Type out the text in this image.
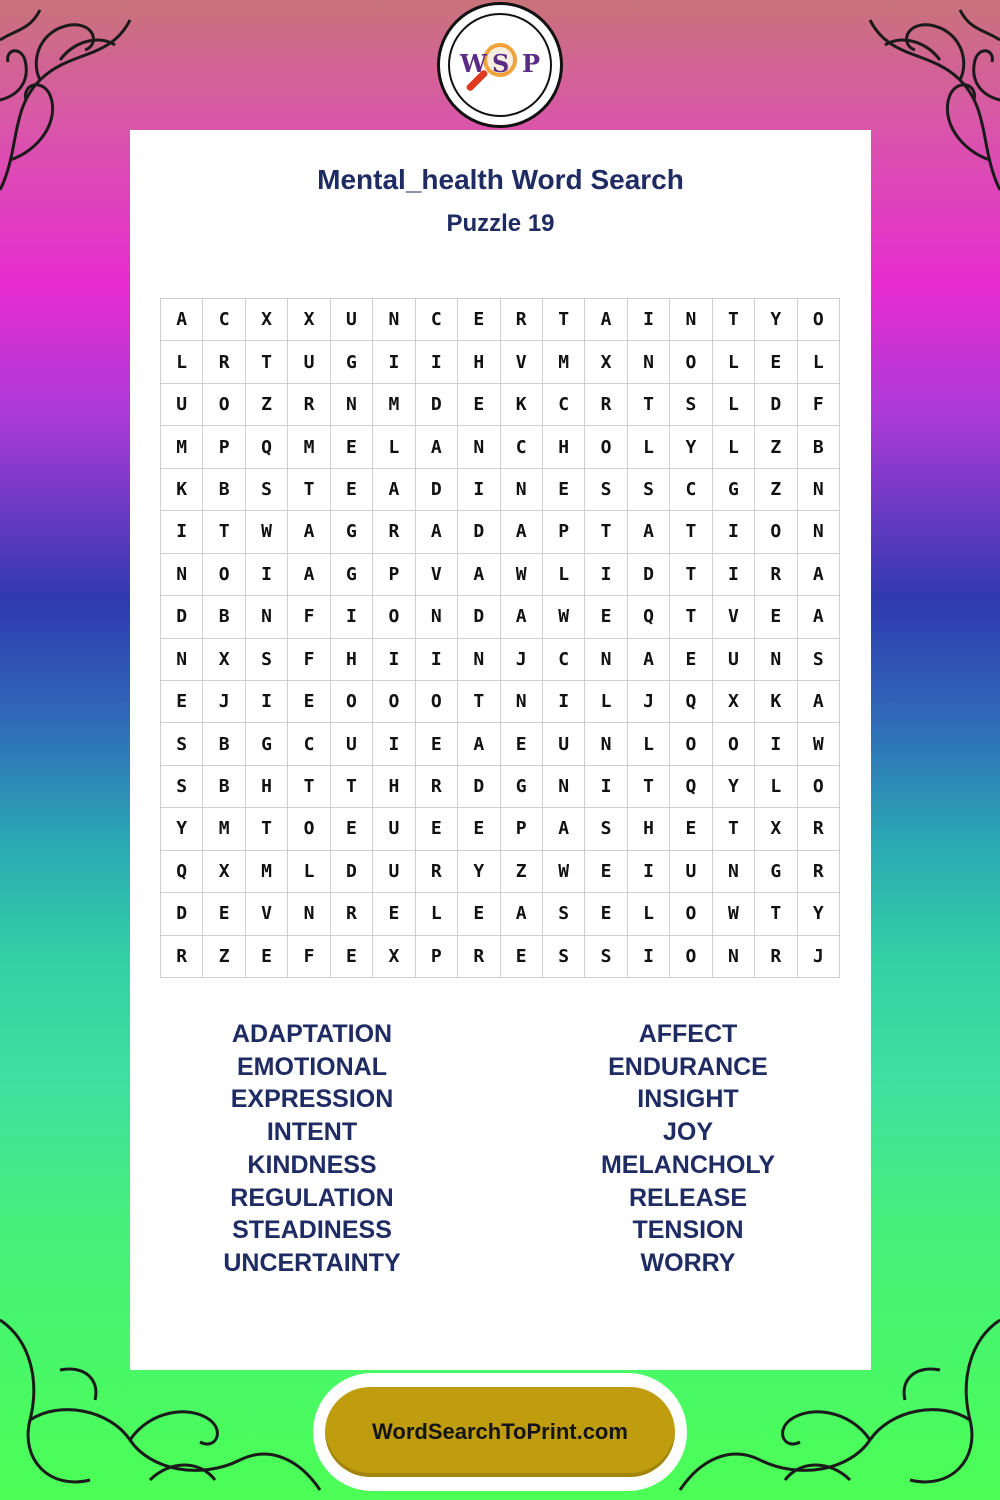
W S P
Mental_health Word Search
Puzzle 19
A	C	X	X	U	N	C	E	R	T	A	I	N	T	Y	O
L	R	T	U	G	I	I	H	V	M	X	N	O	L	E	L
U	O	Z	R	N	M	D	E	K	C	R	T	S	L	D	F
M	P	Q	M	E	L	A	N	C	H	O	L	Y	L	Z	B
K	B	S	T	E	A	D	I	N	E	S	S	C	G	Z	N
I	T	W	A	G	R	A	D	A	P	T	A	T	I	O	N
N	O	I	A	G	P	V	A	W	L	I	D	T	I	R	A
D	B	N	F	I	O	N	D	A	W	E	Q	T	V	E	A
N	X	S	F	H	I	I	N	J	C	N	A	E	U	N	S
E	J	I	E	O	O	O	T	N	I	L	J	Q	X	K	A
S	B	G	C	U	I	E	A	E	U	N	L	O	O	I	W
S	B	H	T	T	H	R	D	G	N	I	T	Q	Y	L	O
Y	M	T	O	E	U	E	E	P	A	S	H	E	T	X	R
Q	X	M	L	D	U	R	Y	Z	W	E	I	U	N	G	R
D	E	V	N	R	E	L	E	A	S	E	L	O	W	T	Y
R	Z	E	F	E	X	P	R	E	S	S	I	O	N	R	J
ADAPTATION
EMOTIONAL
EXPRESSION
INTENT
KINDNESS
REGULATION
STEADINESS
UNCERTAINTY
AFFECT
ENDURANCE
INSIGHT
JOY
MELANCHOLY
RELEASE
TENSION
WORRY
WordSearchToPrint.com
